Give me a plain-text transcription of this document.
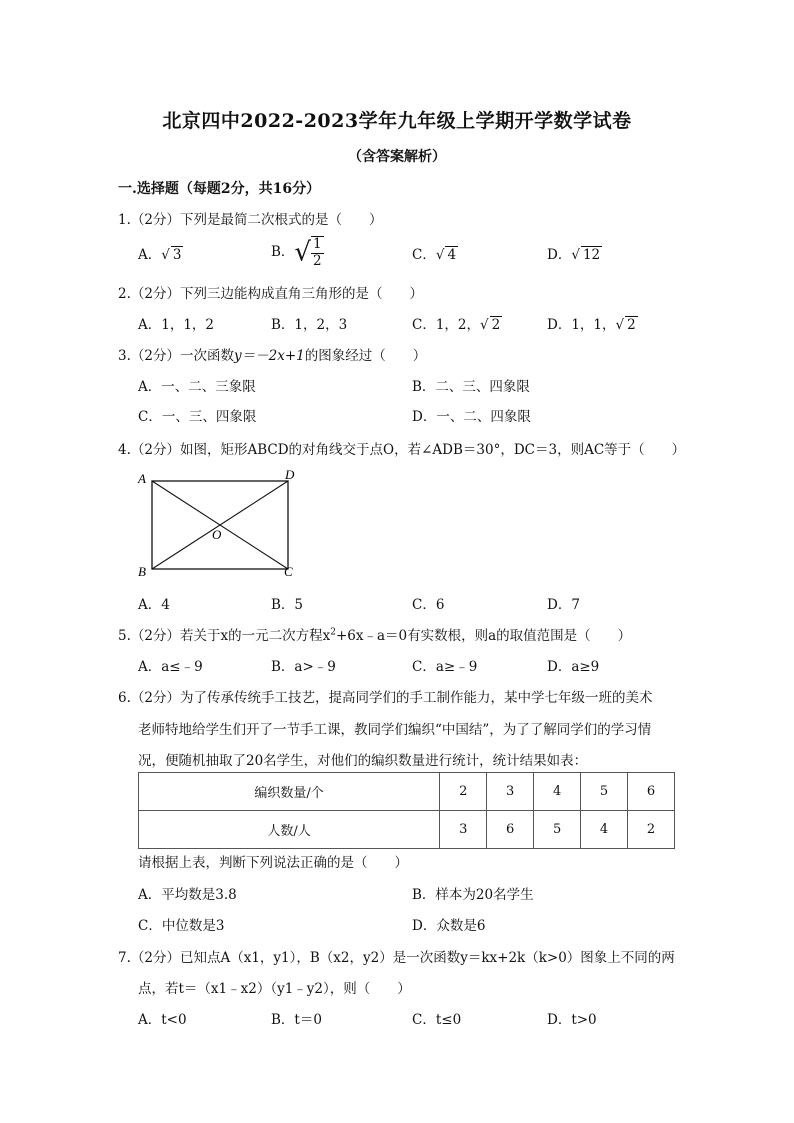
北京四中2022-2023学年九年级上学期开学数学试卷
（含答案解析）
一.选择题（每题2分，共16分）
1.（2分）下列是最简二次根式的是（　　）
A．√ 3	B．√ $\frac{1}{2}$	C．√ 4	D．√ 12
2.（2分）下列三边能构成直角三角形的是（　　）
A．1，1，2	B．1，2，3	C．1，2，√ 2	D．1，1，√ 2
3.（2分）一次函数y＝－2x+1的图象经过（　　）
A．一、二、三象限	B．二、三、四象限
C．一、三、四象限	D．一、二、四象限
4.（2分）如图，矩形ABCD的对角线交于点O，若∠ADB＝30°，DC＝3，则AC等于（　　）
A	D
B	C
O
A．4	B．5	C．6	D．7
5.（2分）若关于x的一元二次方程$x^2+6x﹣a=0$有实数根，则a的取值范围是（　　）
A．a≤﹣9	B．a>﹣9	C．a≥﹣9	D．a≥9
6.（2分）为了传承传统手工技艺，提高同学们的手工制作能力，某中学七年级一班的美术
老师特地给学生们开了一节手工课，教同学们编织“中国结”，为了了解同学们的学习情
况，便随机抽取了20名学生，对他们的编织数量进行统计，统计结果如表：
编织数量/个	2	3	4	5	6
人数/人	3	6	5	4	2
请根据上表，判断下列说法正确的是（　　）
A．平均数是3.8	B．样本为20名学生
C．中位数是3	D．众数是6
7.（2分）已知点A（x1，y1），B（x2，y2）是一次函数y＝kx+2k（k>0）图象上不同的两
点，若t＝（x1﹣x2）（y1﹣y2），则（　　）
A．t<0	B．t＝0	C．t≤0	D．t>0
